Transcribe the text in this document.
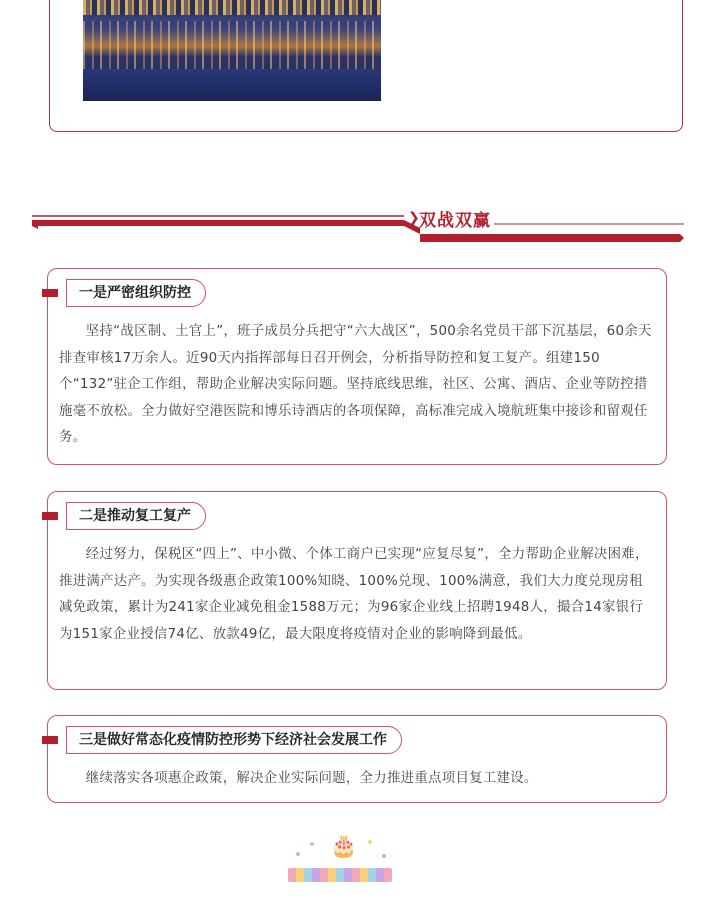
❯ 双战双赢
一是严密组织防控
坚持“战区制、土官上”，班子成员分兵把守“六大战区”，500余名党员干部下沉基层，60余天排查审核17万余人。近90天内指挥部每日召开例会，分析指导防控和复工复产。组建150个“132”驻企工作组，帮助企业解决实际问题。坚持底线思维，社区、公寓、酒店、企业等防控措施毫不放松。全力做好空港医院和博乐诗酒店的各项保障，高标准完成入境航班集中接诊和留观任务。
二是推动复工复产
经过努力，保税区“四上”、中小微、个体工商户已实现“应复尽复”，全力帮助企业解决困难，推进满产达产。为实现各级惠企政策100%知晓、100%兑现、100%满意，我们大力度兑现房租减免政策，累计为241家企业减免租金1588万元；为96家企业线上招聘1948人，撮合14家银行为151家企业授信74亿、放款49亿，最大限度将疫情对企业的影响降到最低。
三是做好常态化疫情防控形势下经济社会发展工作
继续落实各项惠企政策，解决企业实际问题，全力推进重点项目复工建设。
🎂
